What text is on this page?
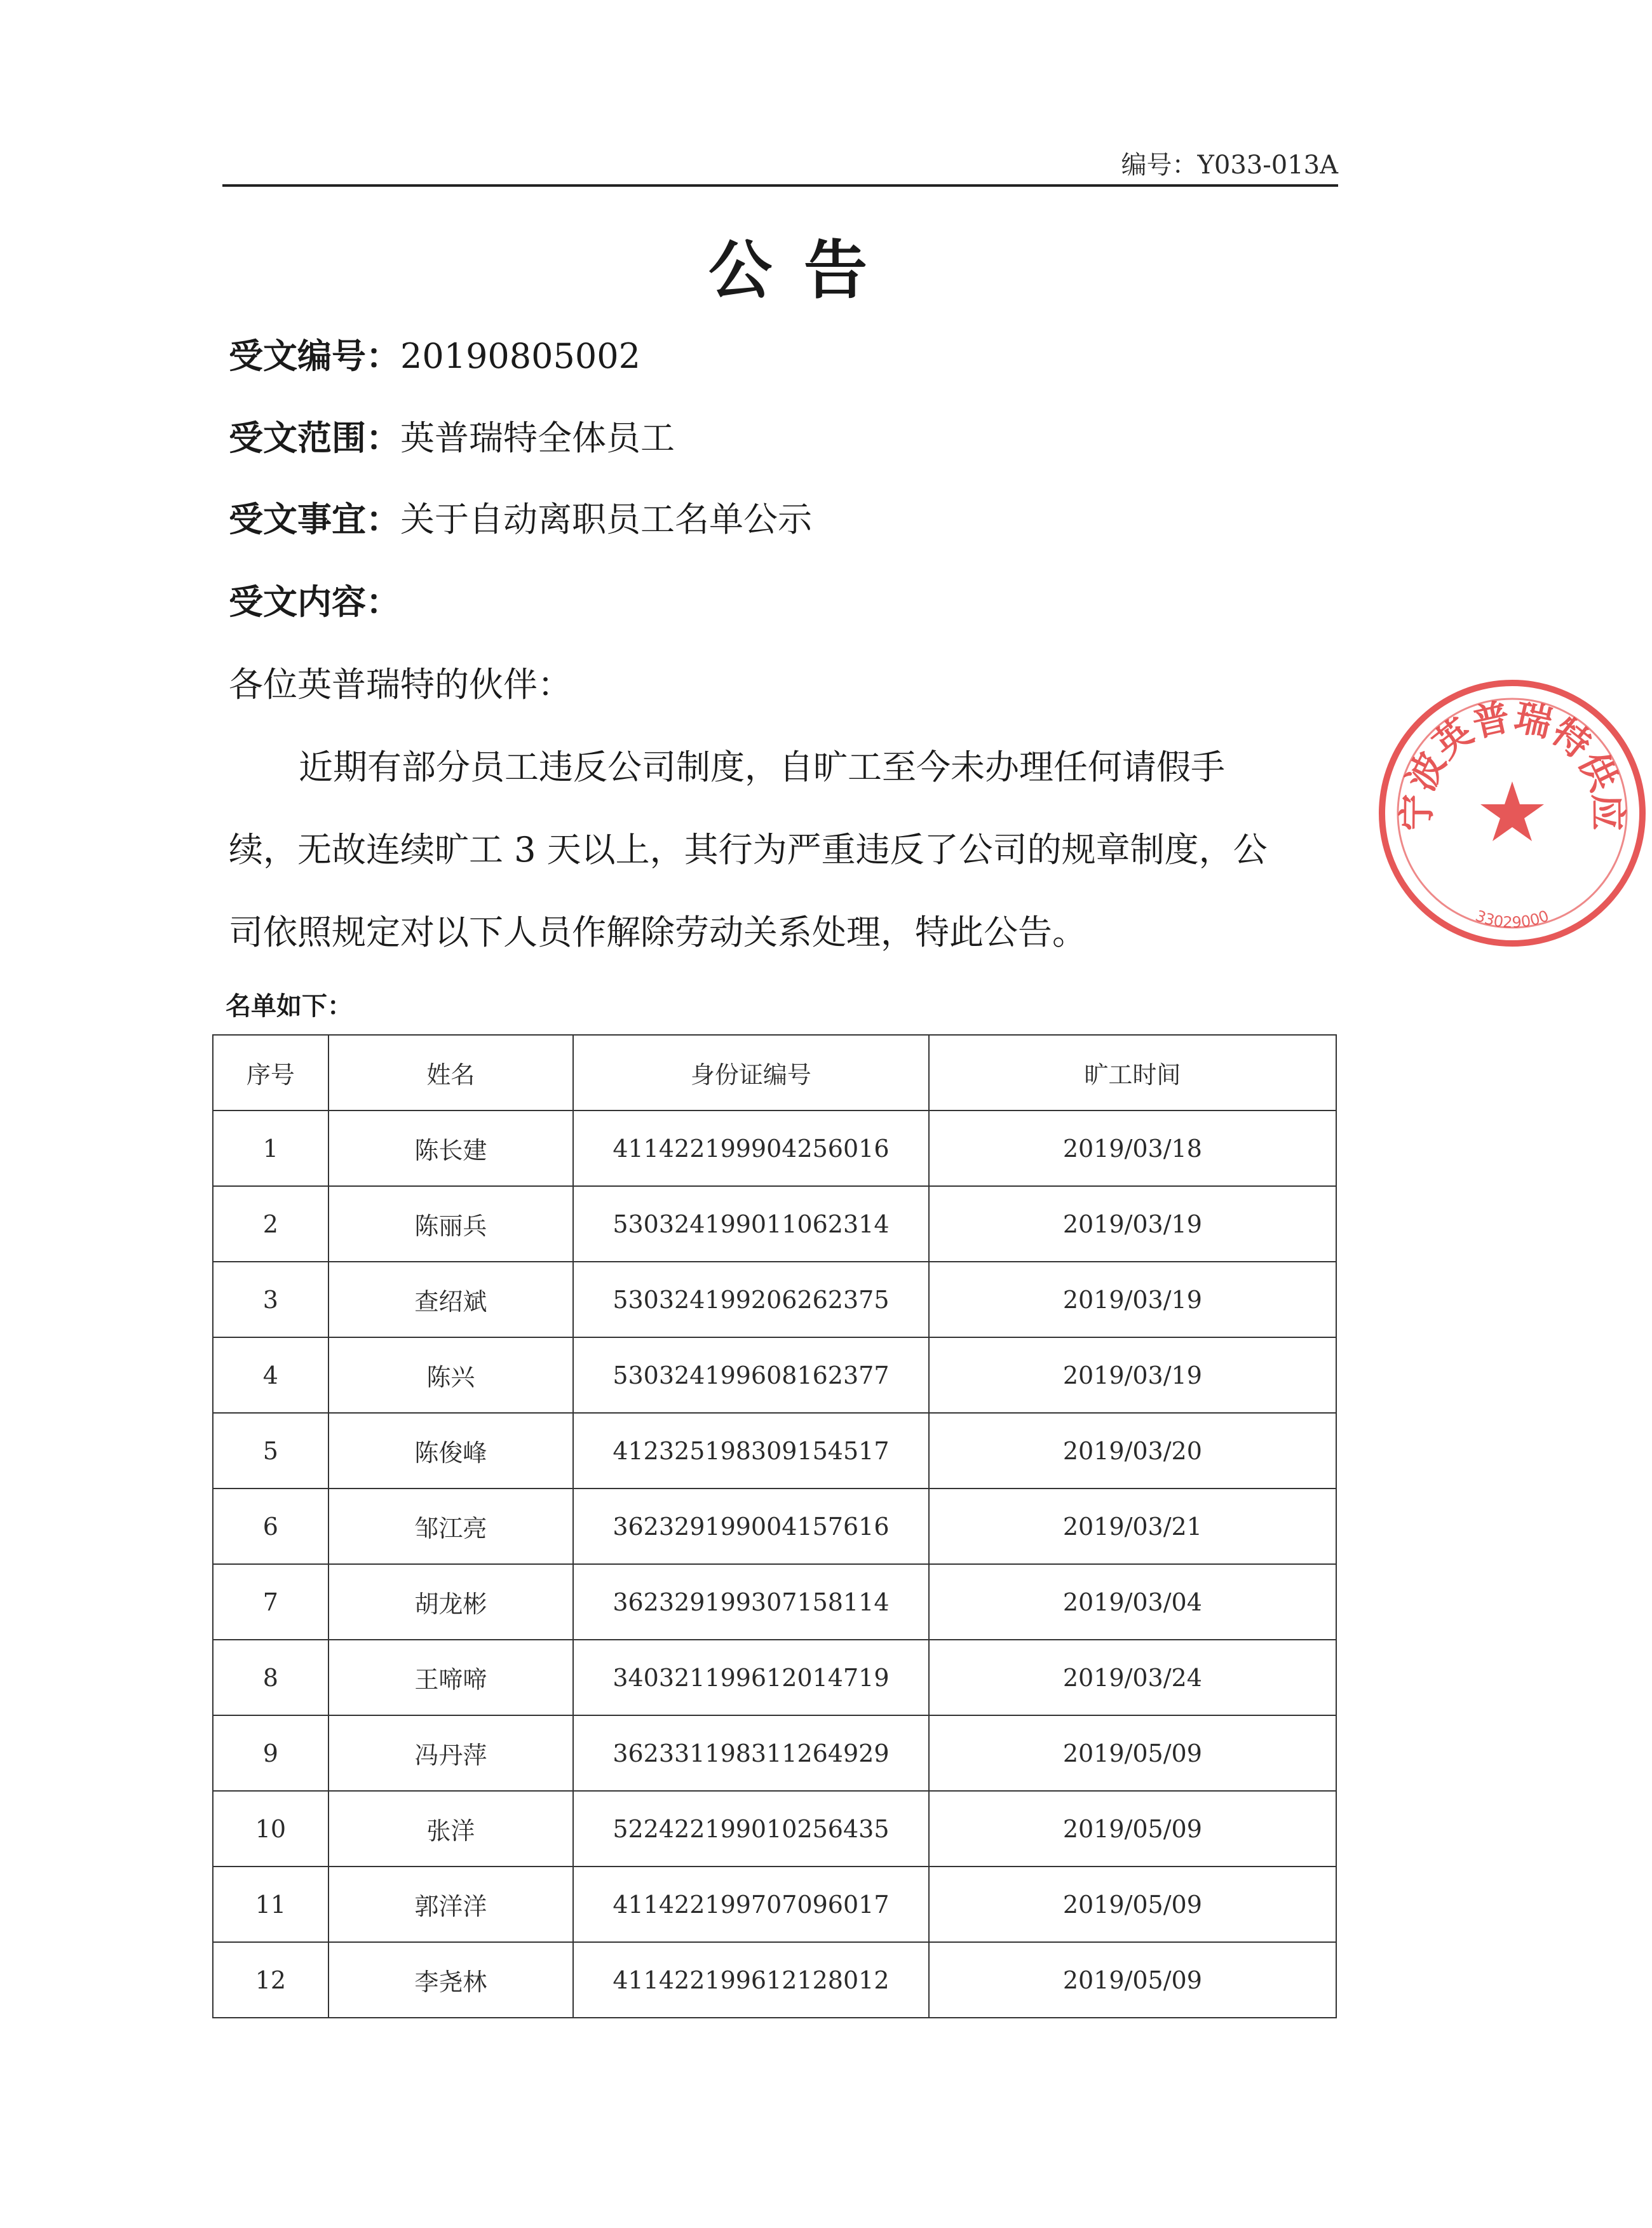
编号：Y033-013A
公告
受文编号：20190805002
受文范围：英普瑞特全体员工
受文事宜：关于自动离职员工名单公示
受文内容：
各位英普瑞特的伙伴：
近期有部分员工违反公司制度，自旷工至今未办理任何请假手
续，无故连续旷工 3 天以上，其行为严重违反了公司的规章制度，公
司依照规定对以下人员作解除劳动关系处理，特此公告。
名单如下：
序号	姓名	身份证编号	旷工时间
1	陈长建	411422199904256016	2019/03/18
2	陈丽兵	530324199011062314	2019/03/19
3	查绍斌	530324199206262375	2019/03/19
4	陈兴	530324199608162377	2019/03/19
5	陈俊峰	412325198309154517	2019/03/20
6	邹江亮	362329199004157616	2019/03/21
7	胡龙彬	362329199307158114	2019/03/04
8	王啼啼	340321199612014719	2019/03/24
9	冯丹萍	362331198311264929	2019/05/09
10	张洋	522422199010256435	2019/05/09
11	郭洋洋	411422199707096017	2019/05/09
12	李尧林	411422199612128012	2019/05/09
宁波英普瑞特供应
33029000
